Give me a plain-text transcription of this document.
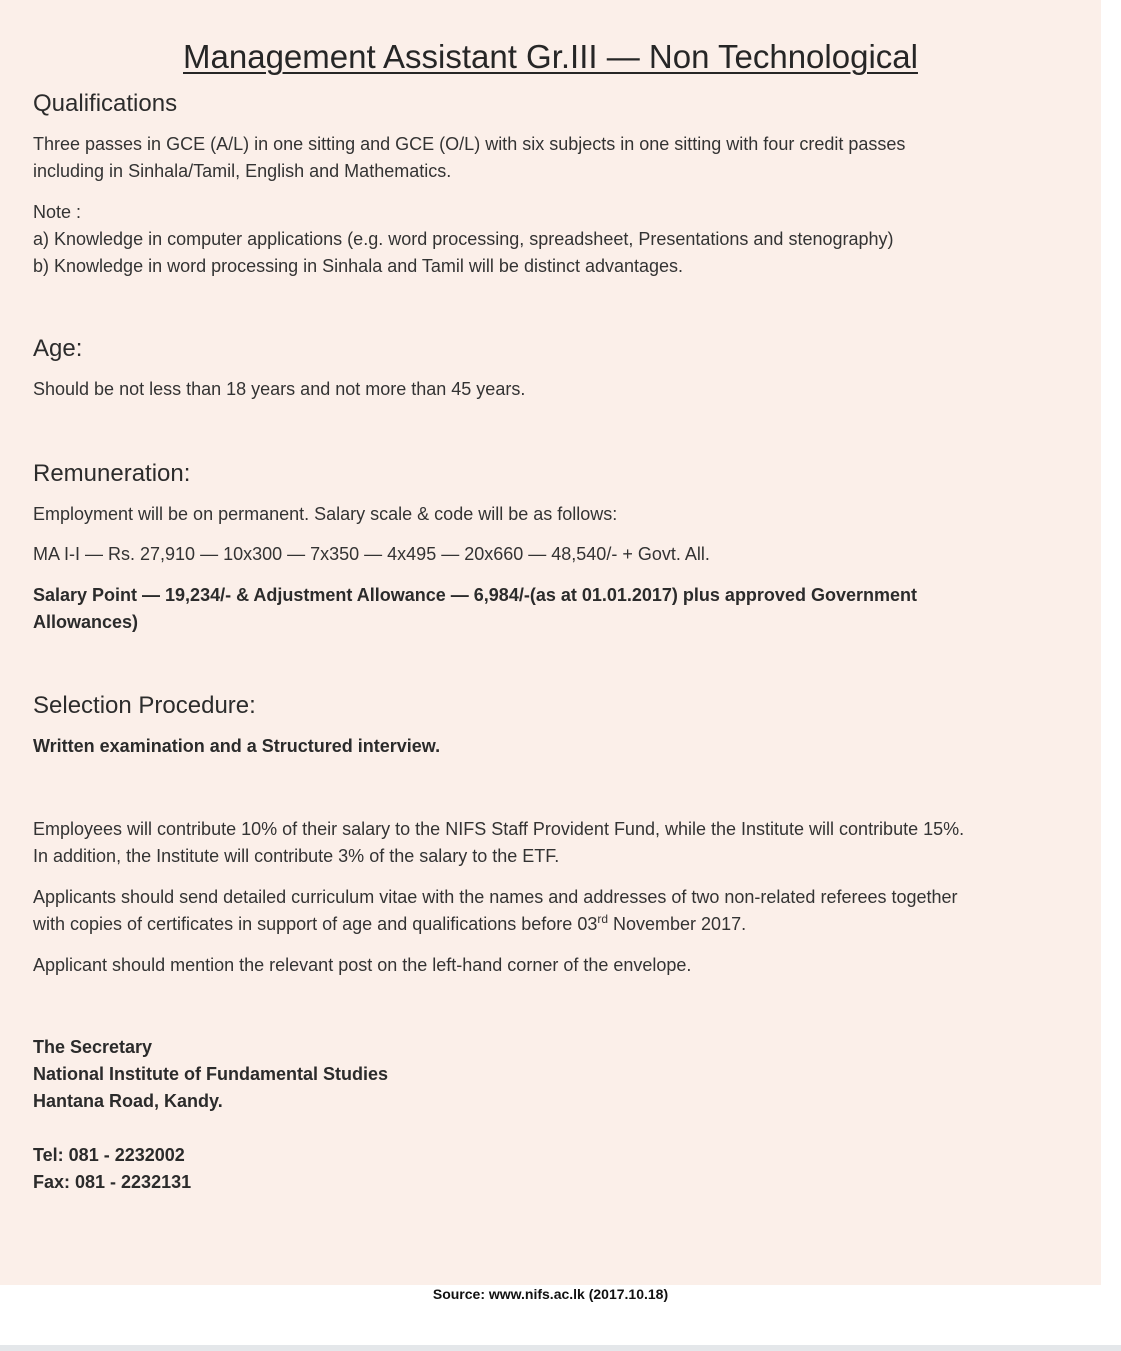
Management Assistant Gr.III — Non Technological
Qualifications
Three passes in GCE (A/L) in one sitting and GCE (O/L) with six subjects in one sitting with four credit passes
including in Sinhala/Tamil, English and Mathematics.
Note :
a) Knowledge in computer applications (e.g. word processing, spreadsheet, Presentations and stenography)
b) Knowledge in word processing in Sinhala and Tamil will be distinct advantages.
Age:
Should be not less than 18 years and not more than 45 years.
Remuneration:
Employment will be on permanent. Salary scale & code will be as follows:
MA I-I — Rs. 27,910 — 10x300 — 7x350 — 4x495 — 20x660 — 48,540/- + Govt. All.
Salary Point — 19,234/- & Adjustment Allowance — 6,984/-(as at 01.01.2017) plus approved Government
Allowances)
Selection Procedure:
Written examination and a Structured interview.
Employees will contribute 10% of their salary to the NIFS Staff Provident Fund, while the Institute will contribute 15%.
In addition, the Institute will contribute 3% of the salary to the ETF.
Applicants should send detailed curriculum vitae with the names and addresses of two non-related referees together
with copies of certificates in support of age and qualifications before 03rd November 2017.
Applicant should mention the relevant post on the left-hand corner of the envelope.
The Secretary
National Institute of Fundamental Studies
Hantana Road, Kandy.
Tel: 081 - 2232002
Fax: 081 - 2232131
Source: www.nifs.ac.lk (2017.10.18)
